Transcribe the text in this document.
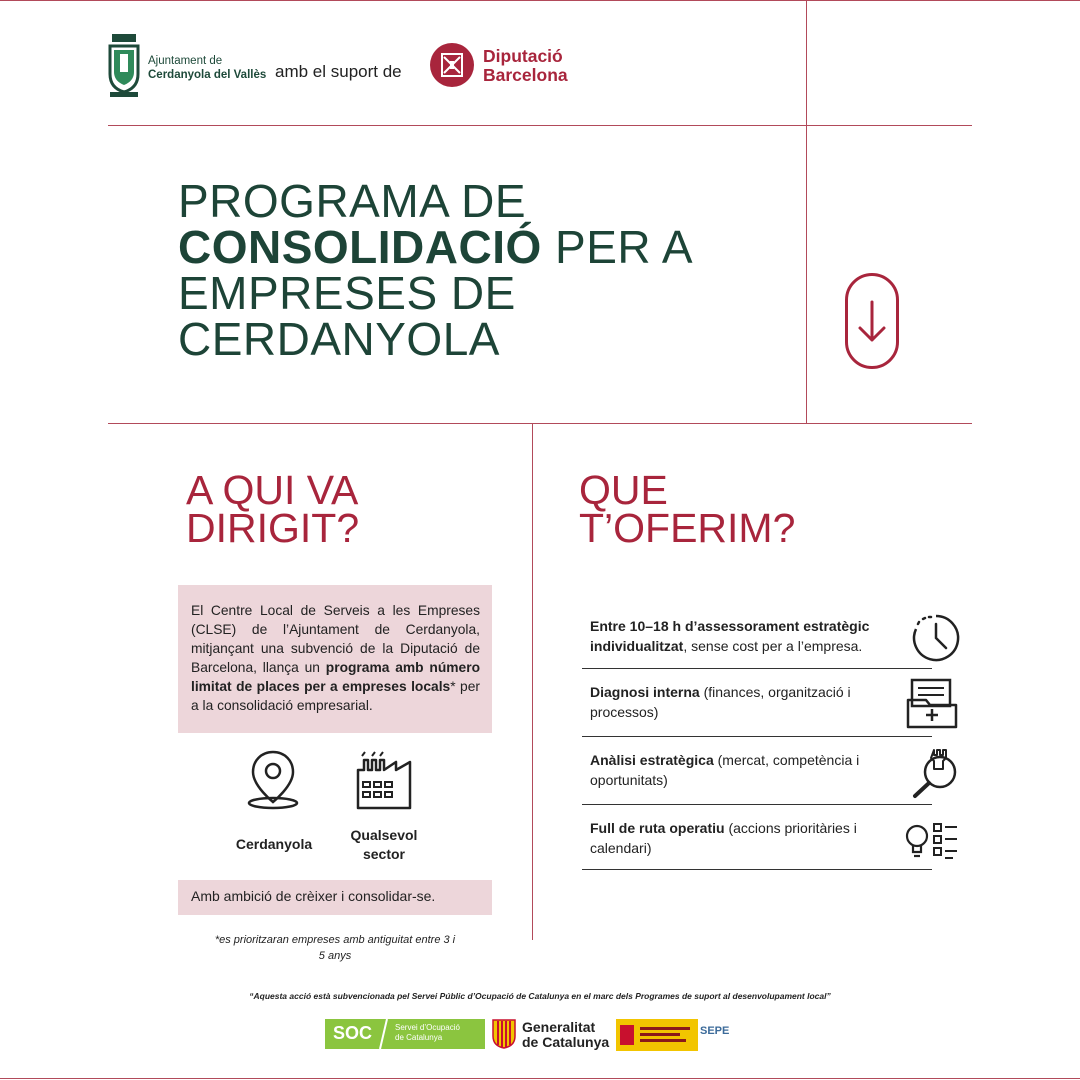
Ajuntament de
Cerdanyola del Vallès amb el suport de
Diputació
Barcelona
PROGRAMA DE
CONSOLIDACIÓ PER A
EMPRESES DE
CERDANYOLA
A QUI VA
DIRIGIT?
El Centre Local de Serveis a les Empreses (CLSE) de l’Ajuntament de Cerdanyola, mitjançant una subvenció de la Diputació de Barcelona, llança un programa amb número limitat de places per a empreses locals* per a la consolidació empresarial.
Cerdanyola
Qualsevol
sector
Amb ambició de crèixer i consolidar-se.
*es prioritzaran empreses amb antiguitat entre 3 i
5 anys
QUE
T’OFERIM?
Entre 10–18 h d’assessorament estratègic individualitzat, sense cost per a l’empresa.
Diagnosi interna (finances, organització i processos)
Anàlisi estratègica (mercat, competència i oportunitats)
Full de ruta operatiu (accions prioritàries i calendari)
“Aquesta acció està subvencionada pel Servei Públic d’Ocupació de Catalunya en el marc dels Programes de suport al desenvolupament local”
SOC	Servei d’Ocupació
de Catalunya
Generalitat
de Catalunya
SEPE
